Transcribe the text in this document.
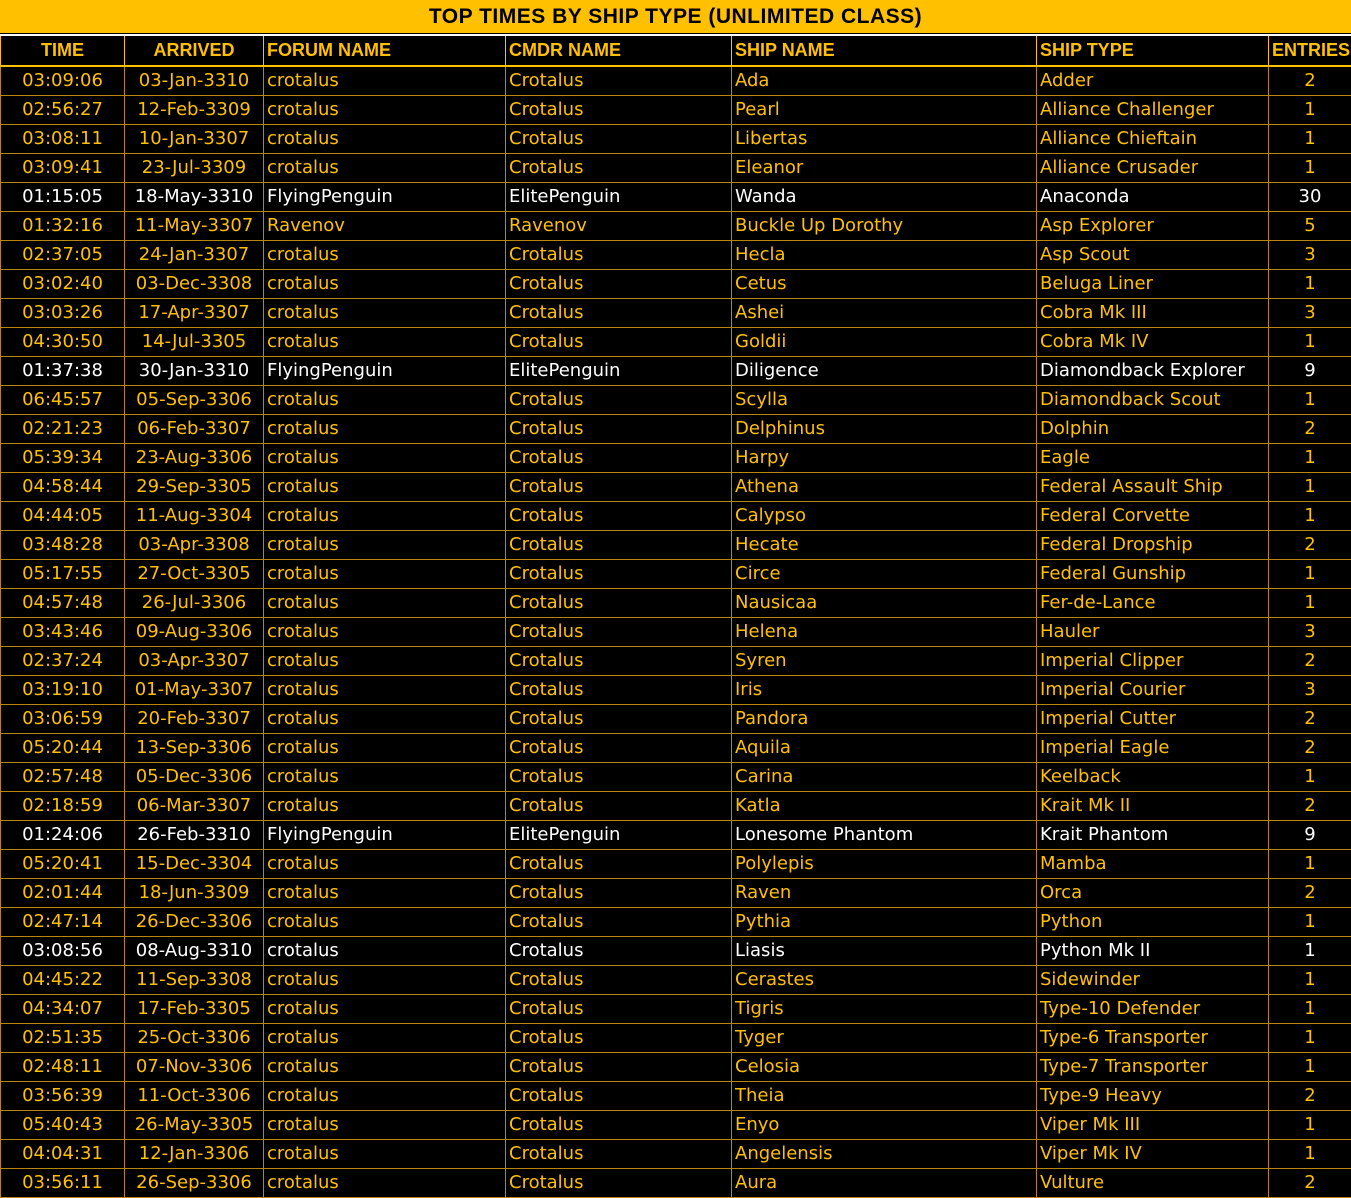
TOP TIMES BY SHIP TYPE (UNLIMITED CLASS)
TIME	ARRIVED	FORUM NAME	CMDR NAME	SHIP NAME	SHIP TYPE	ENTRIES
03:09:06	03-Jan-3310	crotalus	Crotalus	Ada	Adder	2
02:56:27	12-Feb-3309	crotalus	Crotalus	Pearl	Alliance Challenger	1
03:08:11	10-Jan-3307	crotalus	Crotalus	Libertas	Alliance Chieftain	1
03:09:41	23-Jul-3309	crotalus	Crotalus	Eleanor	Alliance Crusader	1
01:15:05	18-May-3310	FlyingPenguin	ElitePenguin	Wanda	Anaconda	30
01:32:16	11-May-3307	Ravenov	Ravenov	Buckle Up Dorothy	Asp Explorer	5
02:37:05	24-Jan-3307	crotalus	Crotalus	Hecla	Asp Scout	3
03:02:40	03-Dec-3308	crotalus	Crotalus	Cetus	Beluga Liner	1
03:03:26	17-Apr-3307	crotalus	Crotalus	Ashei	Cobra Mk III	3
04:30:50	14-Jul-3305	crotalus	Crotalus	Goldii	Cobra Mk IV	1
01:37:38	30-Jan-3310	FlyingPenguin	ElitePenguin	Diligence	Diamondback Explorer	9
06:45:57	05-Sep-3306	crotalus	Crotalus	Scylla	Diamondback Scout	1
02:21:23	06-Feb-3307	crotalus	Crotalus	Delphinus	Dolphin	2
05:39:34	23-Aug-3306	crotalus	Crotalus	Harpy	Eagle	1
04:58:44	29-Sep-3305	crotalus	Crotalus	Athena	Federal Assault Ship	1
04:44:05	11-Aug-3304	crotalus	Crotalus	Calypso	Federal Corvette	1
03:48:28	03-Apr-3308	crotalus	Crotalus	Hecate	Federal Dropship	2
05:17:55	27-Oct-3305	crotalus	Crotalus	Circe	Federal Gunship	1
04:57:48	26-Jul-3306	crotalus	Crotalus	Nausicaa	Fer-de-Lance	1
03:43:46	09-Aug-3306	crotalus	Crotalus	Helena	Hauler	3
02:37:24	03-Apr-3307	crotalus	Crotalus	Syren	Imperial Clipper	2
03:19:10	01-May-3307	crotalus	Crotalus	Iris	Imperial Courier	3
03:06:59	20-Feb-3307	crotalus	Crotalus	Pandora	Imperial Cutter	2
05:20:44	13-Sep-3306	crotalus	Crotalus	Aquila	Imperial Eagle	2
02:57:48	05-Dec-3306	crotalus	Crotalus	Carina	Keelback	1
02:18:59	06-Mar-3307	crotalus	Crotalus	Katla	Krait Mk II	2
01:24:06	26-Feb-3310	FlyingPenguin	ElitePenguin	Lonesome Phantom	Krait Phantom	9
05:20:41	15-Dec-3304	crotalus	Crotalus	Polylepis	Mamba	1
02:01:44	18-Jun-3309	crotalus	Crotalus	Raven	Orca	2
02:47:14	26-Dec-3306	crotalus	Crotalus	Pythia	Python	1
03:08:56	08-Aug-3310	crotalus	Crotalus	Liasis	Python Mk II	1
04:45:22	11-Sep-3308	crotalus	Crotalus	Cerastes	Sidewinder	1
04:34:07	17-Feb-3305	crotalus	Crotalus	Tigris	Type-10 Defender	1
02:51:35	25-Oct-3306	crotalus	Crotalus	Tyger	Type-6 Transporter	1
02:48:11	07-Nov-3306	crotalus	Crotalus	Celosia	Type-7 Transporter	1
03:56:39	11-Oct-3306	crotalus	Crotalus	Theia	Type-9 Heavy	2
05:40:43	26-May-3305	crotalus	Crotalus	Enyo	Viper Mk III	1
04:04:31	12-Jan-3306	crotalus	Crotalus	Angelensis	Viper Mk IV	1
03:56:11	26-Sep-3306	crotalus	Crotalus	Aura	Vulture	2
